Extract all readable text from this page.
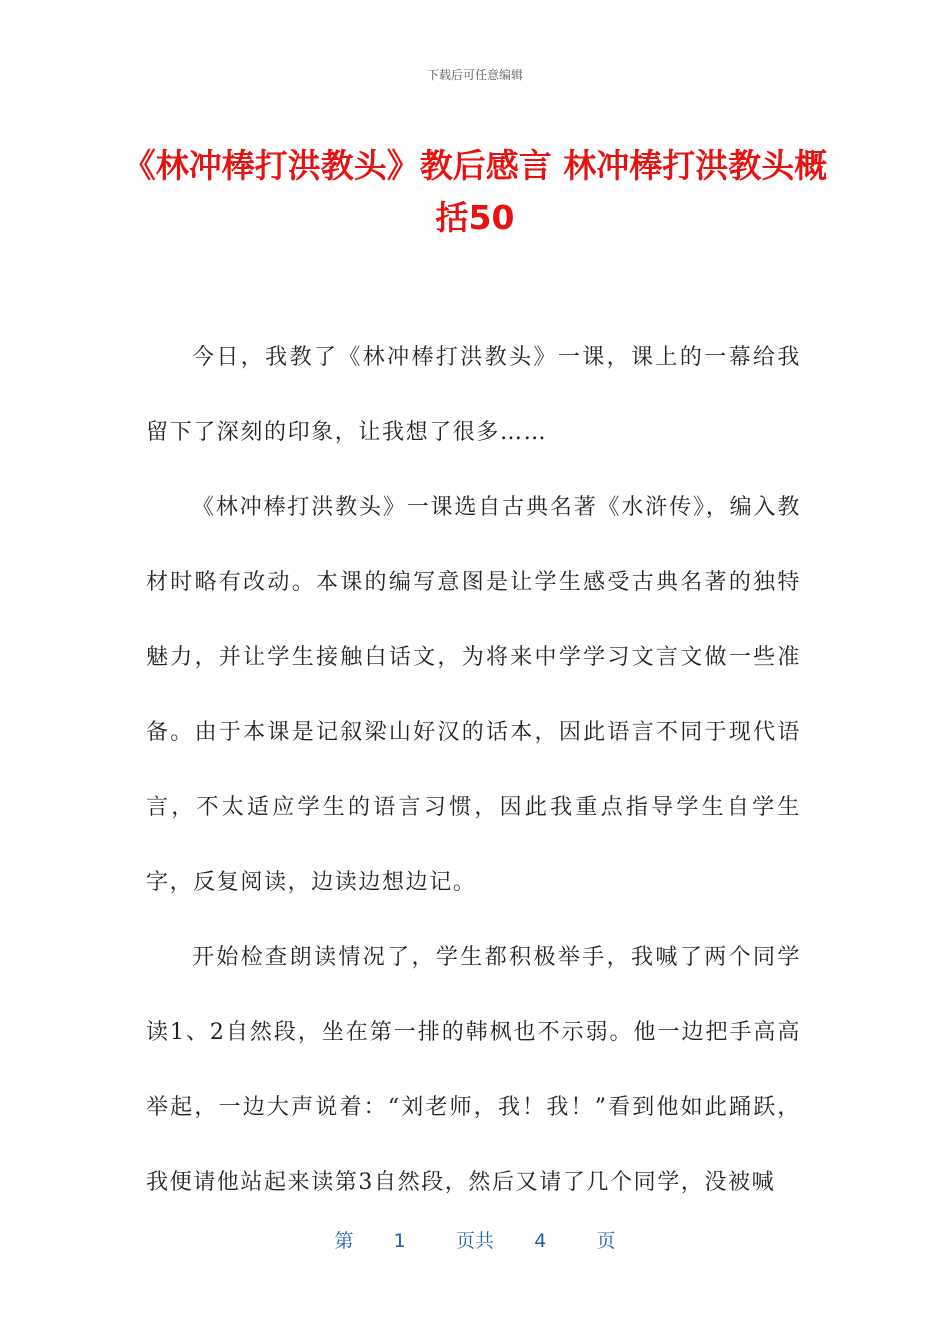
下载后可任意编辑
《林冲棒打洪教头》教后感言 林冲棒打洪教头概括50

今日，我教了《林冲棒打洪教头》一课，课上的一幕给我留下了深刻的印象，让我想了很多……

《林冲棒打洪教头》一课选自古典名著《水浒传》，编入教材时略有改动。本课的编写意图是让学生感受古典名著的独特魅力，并让学生接触白话文，为将来中学学习文言文做一些准备。由于本课是记叙梁山好汉的话本，因此语言不同于现代语言，不太适应学生的语言习惯，因此我重点指导学生自学生字，反复阅读，边读边想边记。

开始检查朗读情况了，学生都积极举手，我喊了两个同学读1、2自然段，坐在第一排的韩枫也不示弱。他一边把手高高举起，一边大声说着：“刘老师，我！我！”看到他如此踊跃，我便请他站起来读第3自然段，然后又请了几个同学，没被喊

第 1	页共 4	页
